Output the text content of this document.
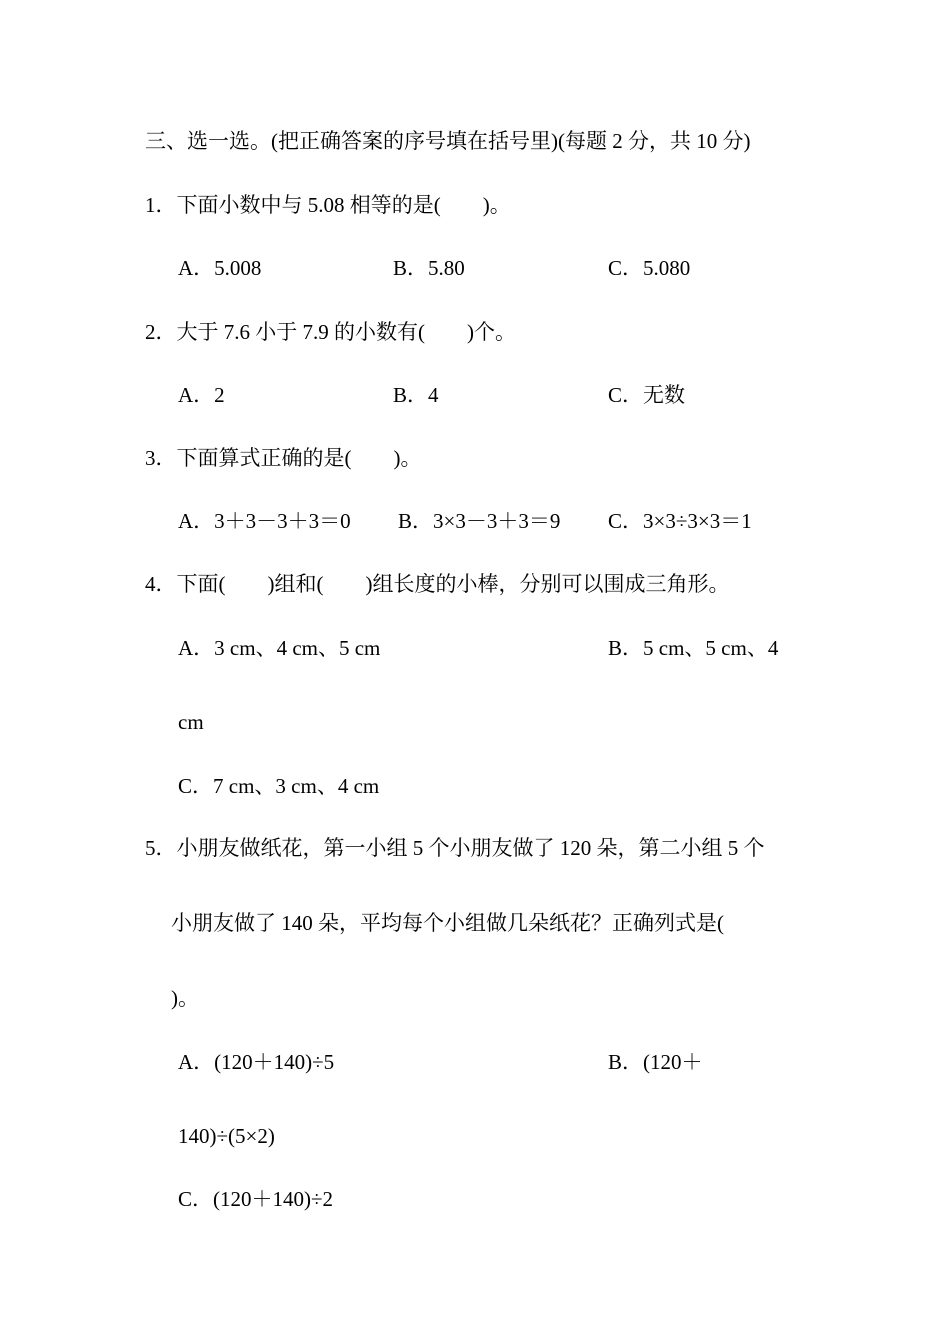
三、选一选。(把正确答案的序号填在括号里)(每题 2 分，共 10 分)
1．下面小数中与 5.08 相等的是(　　)。
A．5.008	B．5.80	C．5.080
2．大于 7.6 小于 7.9 的小数有(　　)个。
A．2	B．4	C．无数
3．下面算式正确的是(　　)。
A．3＋3－3＋3＝0 B．3×3－3＋3＝9 C．3×3÷3×3＝1
4．下面(　　)组和(　　)组长度的小棒，分别可以围成三角形。
A．3 cm、4 cm、5 cm	B．5 cm、5 cm、4
cm
C．7 cm、3 cm、4 cm
5．小朋友做纸花，第一小组 5 个小朋友做了 120 朵，第二小组 5 个
小朋友做了 140 朵，平均每个小组做几朵纸花？正确列式是(
)。
A．(120＋140)÷5	B．(120＋
140)÷(5×2)
C．(120＋140)÷2
